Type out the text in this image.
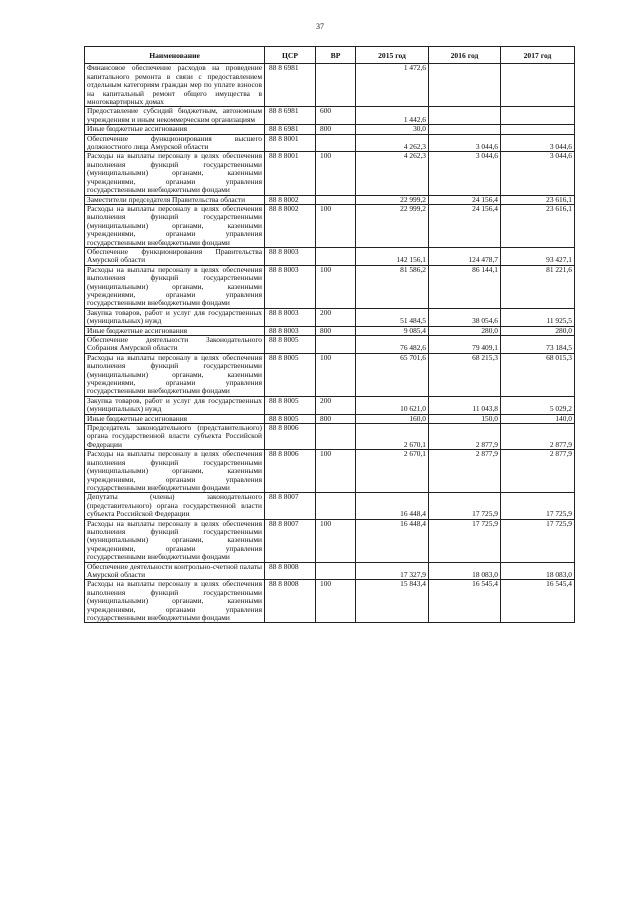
37
Наименование	ЦСР	ВР	2015 год	2016 год	2017 год
Финансовое обеспечение расходов на проведение капитального ремонта в связи с предоставлением отдельным категориям граждан мер по уплате взносов на капитальный ремонт общего имущества в многоквартирных домах	88 8 6981		1 472,6		
Предоставление субсидий бюджетным, автономным учреждениям и иным некоммерческим организациям	88 8 6981	600	1 442,6		
Иные бюджетные ассигнования	88 8 6981	800	30,0		
Обеспечение функционирования высшего должностного лица Амурской области	88 8 8001		4 262,3	3 044,6	3 044,6
Расходы на выплаты персоналу в целях обеспечения выполнения функций государственными (муниципальными) органами, казенными учреждениями, органами управления государственными внебюджетными фондами	88 8 8001	100	4 262,3	3 044,6	3 044,6
Заместители председателя Правительства области	88 8 8002		22 999,2	24 156,4	23 616,1
Расходы на выплаты персоналу в целях обеспечения выполнения функций государственными (муниципальными) органами, казенными учреждениями, органами управления государственными внебюджетными фондами	88 8 8002	100	22 999,2	24 156,4	23 616,1
Обеспечение функционирования Правительства Амурской области	88 8 8003		142 156,1	124 478,7	93 427,1
Расходы на выплаты персоналу в целях обеспечения выполнения функций государственными (муниципальными) органами, казенными учреждениями, органами управления государственными внебюджетными фондами	88 8 8003	100	81 586,2	86 144,1	81 221,6
Закупка товаров, работ и услуг для государственных (муниципальных) нужд	88 8 8003	200	51 484,5	38 054,6	11 925,5
Иные бюджетные ассигнования	88 8 8003	800	9 085,4	280,0	280,0
Обеспечение деятельности Законодательного Собрания Амурской области	88 8 8005		76 482,6	79 409,1	73 184,5
Расходы на выплаты персоналу в целях обеспечения выполнения функций государственными (муниципальными) органами, казенными учреждениями, органами управления государственными внебюджетными фондами	88 8 8005	100	65 701,6	68 215,3	68 015,3
Закупка товаров, работ и услуг для государственных (муниципальных) нужд	88 8 8005	200	10 621,0	11 043,8	5 029,2
Иные бюджетные ассигнования	88 8 8005	800	160,0	150,0	140,0
Председатель законодательного (представительного) органа государственной власти субъекта Российской Федерации	88 8 8006		2 670,1	2 877,9	2 877,9
Расходы на выплаты персоналу в целях обеспечения выполнения функций государственными (муниципальными) органами, казенными учреждениями, органами управления государственными внебюджетными фондами	88 8 8006	100	2 670,1	2 877,9	2 877,9
Депутаты (члены) законодательного (представительного) органа государственной власти субъекта Российской Федерации	88 8 8007		16 448,4	17 725,9	17 725,9
Расходы на выплаты персоналу в целях обеспечения выполнения функций государственными (муниципальными) органами, казенными учреждениями, органами управления государственными внебюджетными фондами	88 8 8007	100	16 448,4	17 725,9	17 725,9
Обеспечение деятельности контрольно-счетной палаты Амурской области	88 8 8008		17 327,9	18 083,0	18 083,0
Расходы на выплаты персоналу в целях обеспечения выполнения функций государственными (муниципальными) органами, казенными учреждениями, органами управления государственными внебюджетными фондами	88 8 8008	100	15 843,4	16 545,4	16 545,4
